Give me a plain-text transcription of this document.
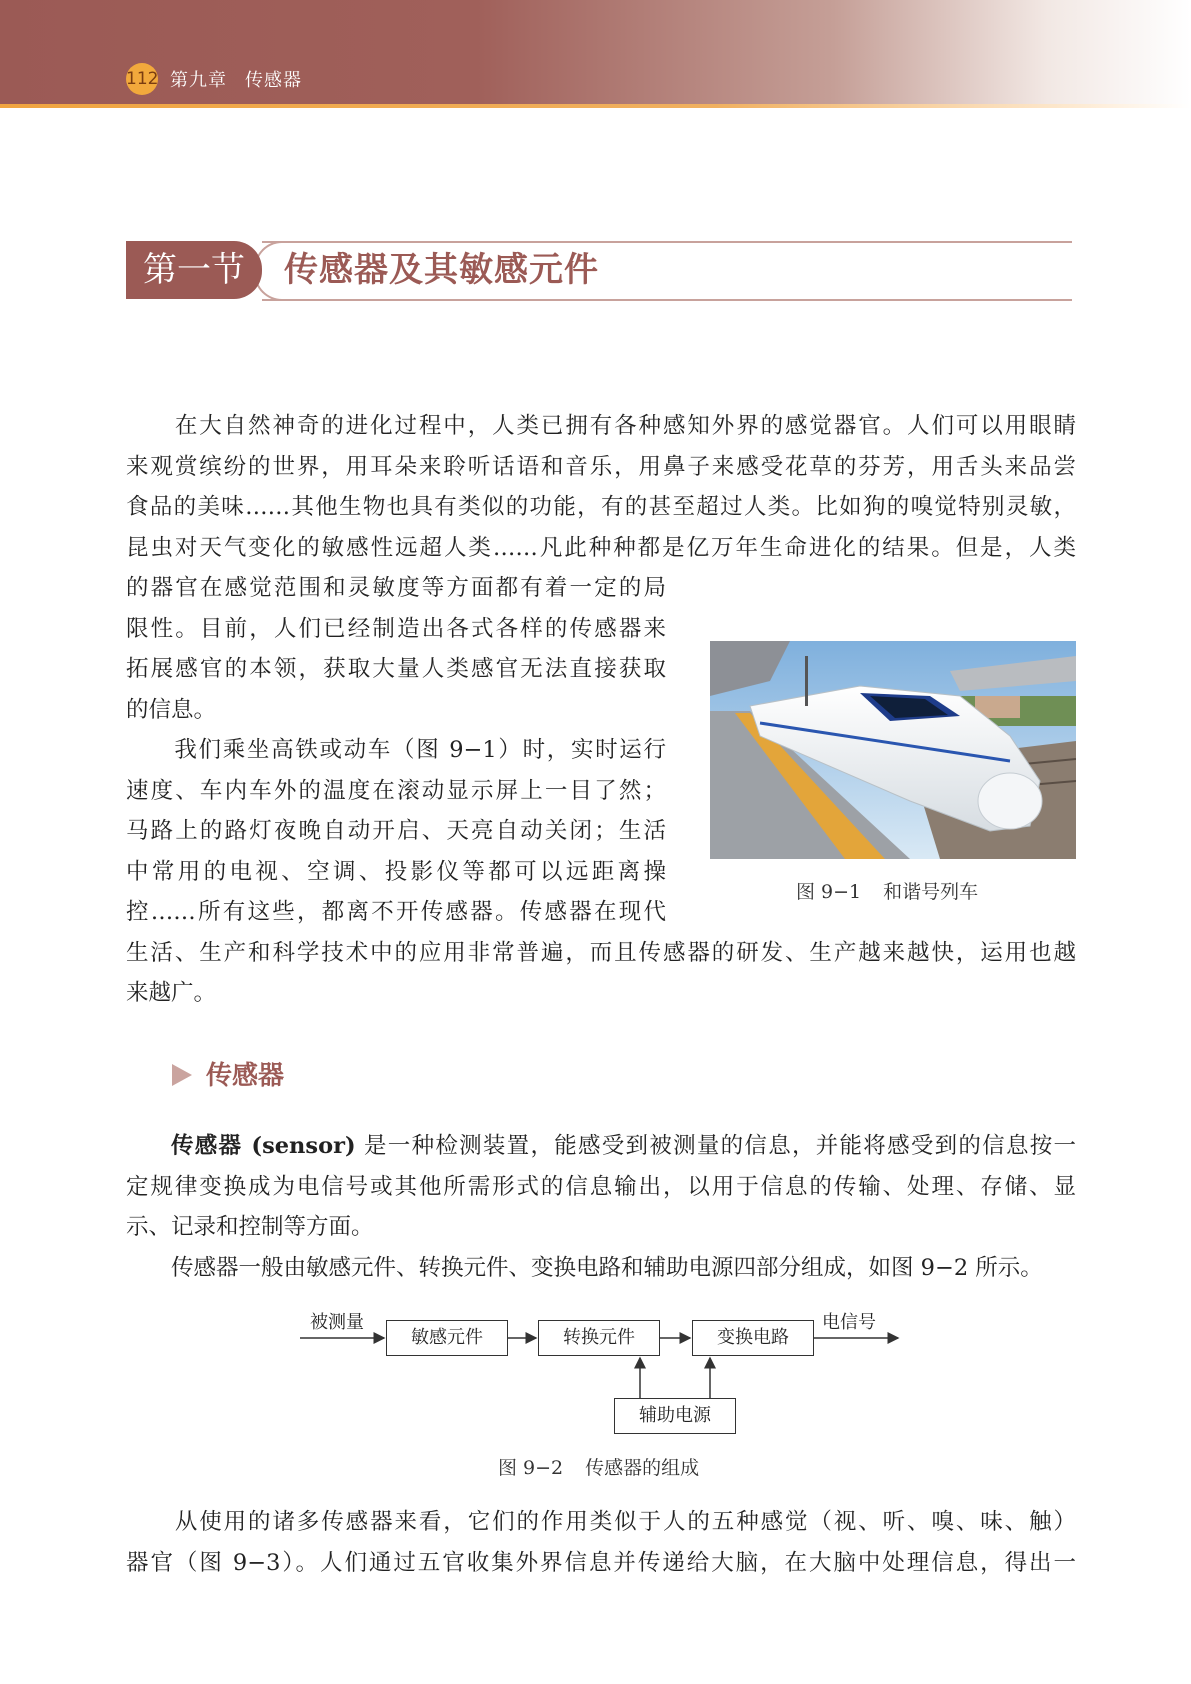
112 第九章 传感器
第一节	传感器及其敏感元件
　　在大自然神奇的进化过程中，人类已拥有各种感知外界的感觉器官。人们可以用眼睛
来观赏缤纷的世界，用耳朵来聆听话语和音乐，用鼻子来感受花草的芬芳，用舌头来品尝
食品的美味……其他生物也具有类似的功能，有的甚至超过人类。比如狗的嗅觉特别灵敏，
昆虫对天气变化的敏感性远超人类……凡此种种都是亿万年生命进化的结果。但是，人类
的器官在感觉范围和灵敏度等方面都有着一定的局
限性。目前，人们已经制造出各式各样的传感器来
拓展感官的本领，获取大量人类感官无法直接获取
的信息。
　　我们乘坐高铁或动车（图 9−1）时，实时运行
速度、车内车外的温度在滚动显示屏上一目了然；
马路上的路灯夜晚自动开启、天亮自动关闭；生活
中常用的电视、空调、投影仪等都可以远距离操
控……所有这些，都离不开传感器。传感器在现代
生活、生产和科学技术中的应用非常普遍，而且传感器的研发、生产越来越快，运用也越
来越广。
图 9−1 和谐号列车
传感器
传感器 (sensor) 是一种检测装置，能感受到被测量的信息，并能将感受到的信息按一
定规律变换成为电信号或其他所需形式的信息输出，以用于信息的传输、处理、存储、显
示、记录和控制等方面。
　　传感器一般由敏感元件、转换元件、变换电路和辅助电源四部分组成，如图 9−2 所示。
被测量	电信号
敏感元件	转换元件	变换电路
辅助电源
图 9−2 传感器的组成
　　从使用的诸多传感器来看，它们的作用类似于人的五种感觉（视、听、嗅、味、触）
器官（图 9−3）。人们通过五官收集外界信息并传递给大脑，在大脑中处理信息，得出一
